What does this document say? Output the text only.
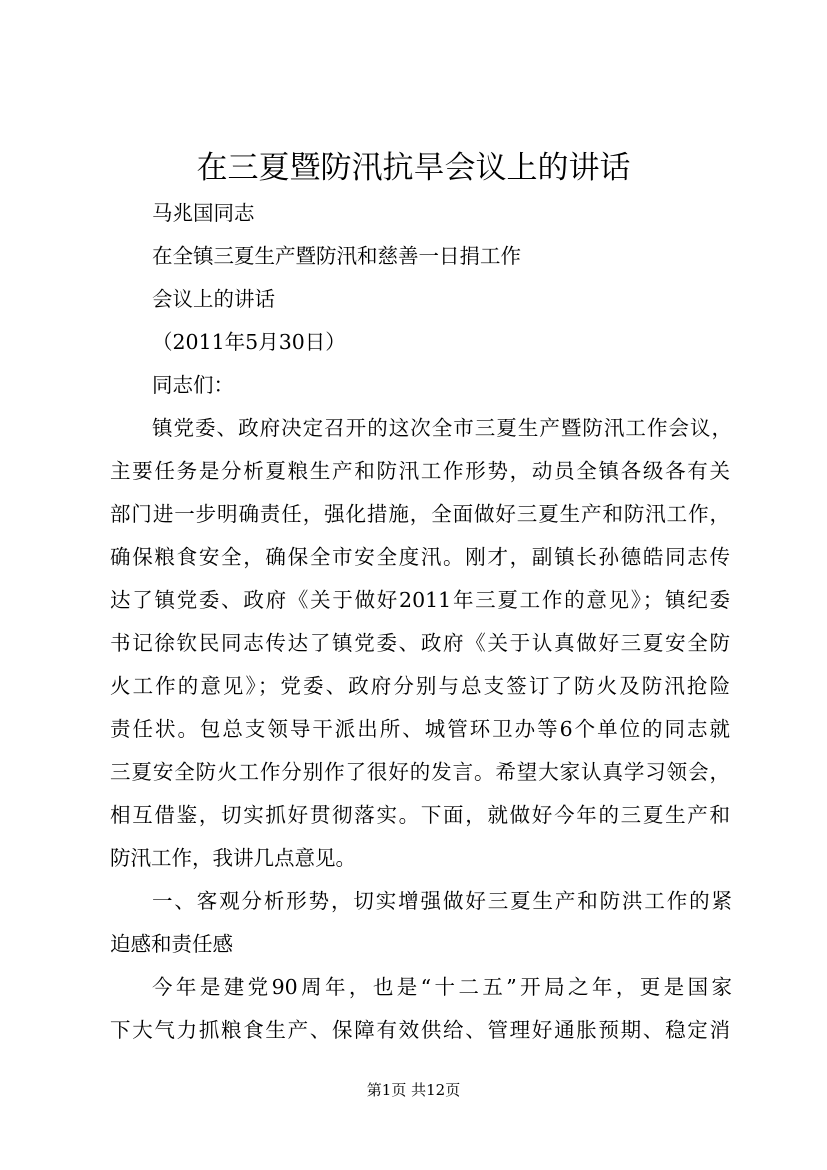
在三夏暨防汛抗旱会议上的讲话
马兆国同志
在全镇三夏生产暨防汛和慈善一日捐工作
会议上的讲话
（2011年5月30日）
同志们：
镇党委、政府决定召开的这次全市三夏生产暨防汛工作会议，
主要任务是分析夏粮生产和防汛工作形势，动员全镇各级各有关
部门进一步明确责任，强化措施，全面做好三夏生产和防汛工作，
确保粮食安全，确保全市安全度汛。刚才，副镇长孙德皓同志传
达了镇党委、政府《关于做好2011年三夏工作的意见》；镇纪委
书记徐钦民同志传达了镇党委、政府《关于认真做好三夏安全防
火工作的意见》；党委、政府分别与总支签订了防火及防汛抢险
责任状。包总支领导干派出所、城管环卫办等6个单位的同志就
三夏安全防火工作分别作了很好的发言。希望大家认真学习领会，
相互借鉴，切实抓好贯彻落实。下面，就做好今年的三夏生产和
防汛工作，我讲几点意见。
一、客观分析形势，切实增强做好三夏生产和防洪工作的紧
迫感和责任感
今年是建党90周年，也是“十二五”开局之年，更是国家
下大气力抓粮食生产、保障有效供给、管理好通胀预期、稳定消
第1页 共12页
